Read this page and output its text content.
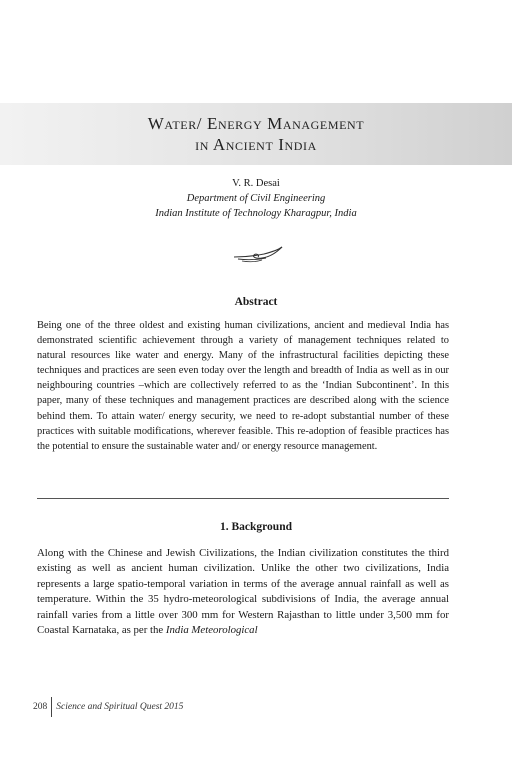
Water/ Energy Management
in Ancient India
V. R. Desai
Department of Civil Engineering
Indian Institute of Technology Kharagpur, India
Abstract
Being one of the three oldest and existing human civilizations, ancient and medieval India has demonstrated scientific achievement through a variety of management techniques related to natural resources like water and energy. Many of the infrastructural facilities depicting these techniques and practices are seen even today over the length and breadth of India as well as in our neighbouring countries –which are collectively referred to as the ‘Indian Subcontinent’. In this paper, many of these techniques and management practices are described along with the science behind them. To attain water/ energy security, we need to re-adopt substantial number of these practices with suitable modifications, wherever feasible. This re-adoption of feasible practices has the potential to ensure the sustainable water and/ or energy resource management.
1. Background
Along with the Chinese and Jewish Civilizations, the Indian civilization constitutes the third existing as well as ancient human civilization. Unlike the other two civilizations, India represents a large spatio-temporal variation in terms of the average annual rainfall as well as temperature. Within the 35 hydro-meteorological subdivisions of India, the average annual rainfall varies from a little over 300 mm for Western Rajasthan to little under 3,500 mm for Coastal Karnataka, as per the India Meteorological
208 Science and Spiritual Quest 2015
